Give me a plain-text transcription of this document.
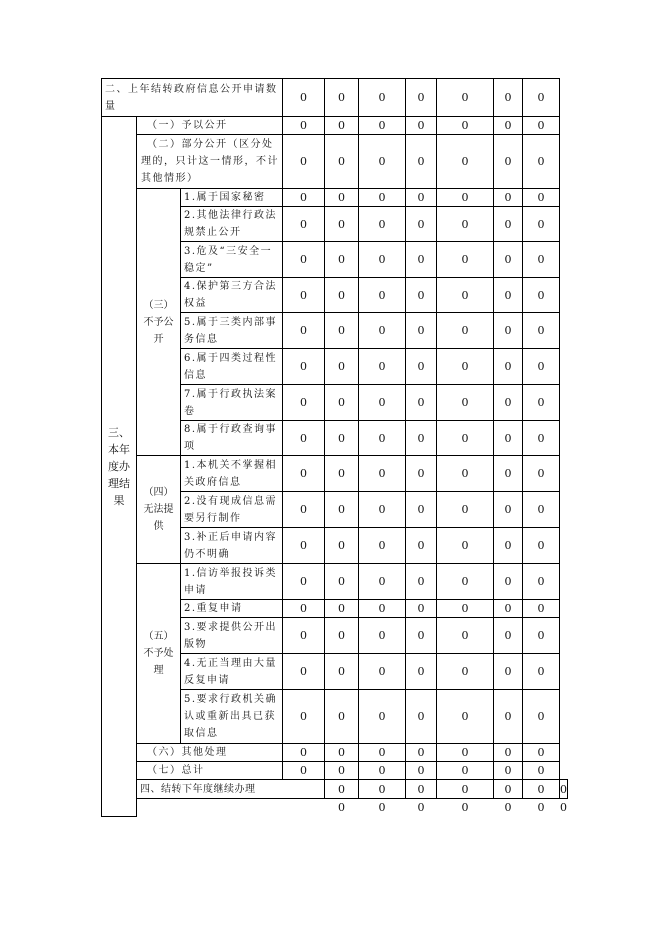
二、上年结转政府信息公开申请数量			0	0	0	0	0	0	0	
三、本年度办理结果	（一）予以公开		0	0	0	0	0	0	0	
	（二）部分公开（区分处理的，只计这一情形，不计其他情形）		0	0	0	0	0	0	0	
	（三）不予公开	1.属于国家秘密	0	0	0	0	0	0	0	
		2.其他法律行政法规禁止公开	0	0	0	0	0	0	0	
		3.危及“三安全一稳定”	0	0	0	0	0	0	0	
		4.保护第三方合法权益	0	0	0	0	0	0	0	
		5.属于三类内部事务信息	0	0	0	0	0	0	0	
		6.属于四类过程性信息	0	0	0	0	0	0	0	
		7.属于行政执法案卷	0	0	0	0	0	0	0	
		8.属于行政查询事项	0	0	0	0	0	0	0	
	（四）无法提供	1.本机关不掌握相关政府信息	0	0	0	0	0	0	0	
		2.没有现成信息需要另行制作	0	0	0	0	0	0	0	
		3.补正后申请内容仍不明确	0	0	0	0	0	0	0	
	（五）不予处理	1.信访举报投诉类申请	0	0	0	0	0	0	0	
		2.重复申请	0	0	0	0	0	0	0	
		3.要求提供公开出版物	0	0	0	0	0	0	0	
		4.无正当理由大量反复申请	0	0	0	0	0	0	0	
		5.要求行政机关确认或重新出具已获取信息	0	0	0	0	0	0	0	
	（六）其他处理		0	0	0	0	0	0	0	
	（七）总计		0	0	0	0	0	0	0	
	四、结转下年度继续办理			0	0	0	0	0	0	0
				0	0	0	0	0	0	0
